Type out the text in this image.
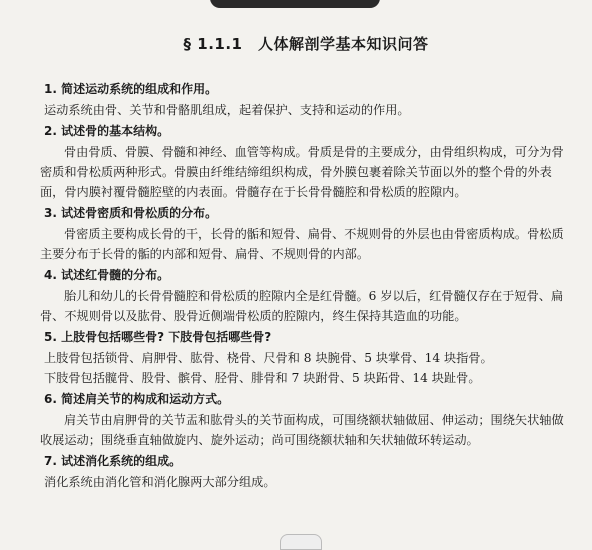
§ 1.1.1　人体解剖学基本知识问答
1. 简述运动系统的组成和作用。

运动系统由骨、关节和骨骼肌组成，起着保护、支持和运动的作用。

2. 试述骨的基本结构。

骨由骨质、骨膜、骨髓和神经、血管等构成。骨质是骨的主要成分，由骨组织构成，可分为骨密质和骨松质两种形式。骨膜由纤维结缔组织构成，骨外膜包裹着除关节面以外的整个骨的外表面，骨内膜衬覆骨髓腔壁的内表面。骨髓存在于长骨骨髓腔和骨松质的腔隙内。

3. 试述骨密质和骨松质的分布。

骨密质主要构成长骨的干，长骨的骺和短骨、扁骨、不规则骨的外层也由骨密质构成。骨松质主要分布于长骨的骺的内部和短骨、扁骨、不规则骨的内部。

4. 试述红骨髓的分布。

胎儿和幼儿的长骨骨髓腔和骨松质的腔隙内全是红骨髓。6 岁以后，红骨髓仅存在于短骨、扁骨、不规则骨以及肱骨、股骨近侧端骨松质的腔隙内，终生保持其造血的功能。

5. 上肢骨包括哪些骨? 下肢骨包括哪些骨?

上肢骨包括锁骨、肩胛骨、肱骨、桡骨、尺骨和 8 块腕骨、5 块掌骨、14 块指骨。

下肢骨包括髋骨、股骨、髌骨、胫骨、腓骨和 7 块跗骨、5 块跖骨、14 块趾骨。

6. 简述肩关节的构成和运动方式。

肩关节由肩胛骨的关节盂和肱骨头的关节面构成，可围绕额状轴做屈、伸运动；围绕矢状轴做收展运动；围绕垂直轴做旋内、旋外运动；尚可围绕额状轴和矢状轴做环转运动。

7. 试述消化系统的组成。

消化系统由消化管和消化腺两大部分组成。
